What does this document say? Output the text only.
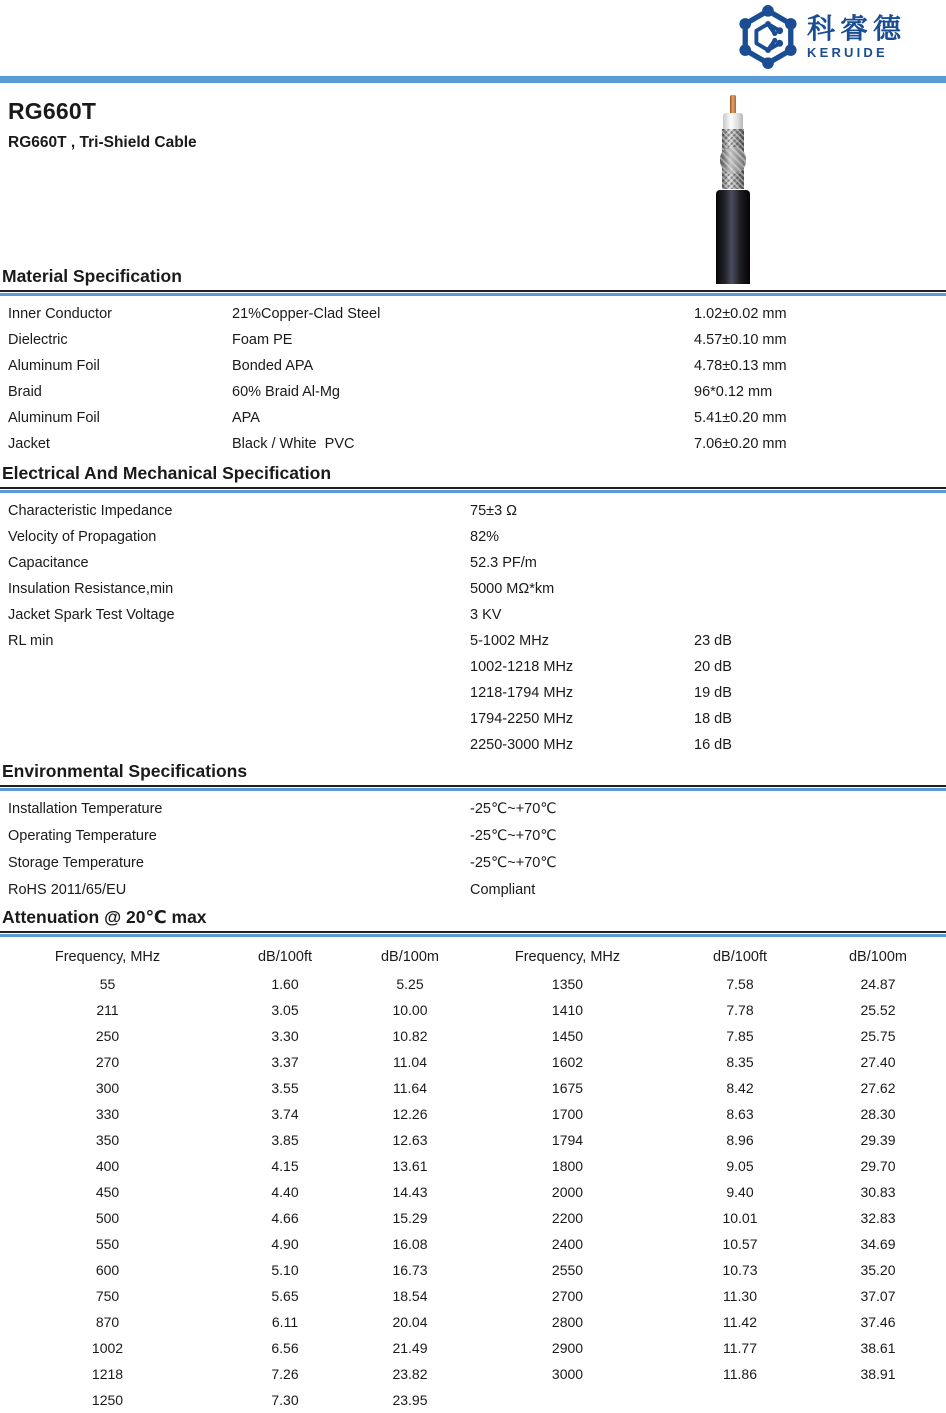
科睿德
KERUIDE
RG660T
RG660T , Tri-Shield Cable
Material Specification
Inner Conductor	21%Copper-Clad Steel	1.02±0.02 mm
Dielectric	Foam PE	4.57±0.10 mm
Aluminum Foil	Bonded APA	4.78±0.13 mm
Braid	60% Braid Al-Mg	96*0.12 mm
Aluminum Foil	APA	5.41±0.20 mm
Jacket	Black / White  PVC	7.06±0.20 mm
Electrical And Mechanical Specification
Characteristic Impedance	75±3 Ω
Velocity of Propagation	82%
Capacitance	52.3 PF/m
Insulation Resistance,min	5000 MΩ*km
Jacket Spark Test Voltage	3 KV
RL min	5-1002 MHz	23 dB
1002-1218 MHz	20 dB
1218-1794 MHz	19 dB
1794-2250 MHz	18 dB
2250-3000 MHz	16 dB
Environmental Specifications
Installation Temperature	-25℃~+70℃
Operating Temperature	-25℃~+70℃
Storage Temperature	-25℃~+70℃
RoHS 2011/65/EU	Compliant
Attenuation @ 20℃ max
Frequency, MHz	dB/100ft	dB/100m	Frequency, MHz	dB/100ft	dB/100m
55	1.60	5.25	1350	7.58	24.87
211	3.05	10.00	1410	7.78	25.52
250	3.30	10.82	1450	7.85	25.75
270	3.37	11.04	1602	8.35	27.40
300	3.55	11.64	1675	8.42	27.62
330	3.74	12.26	1700	8.63	28.30
350	3.85	12.63	1794	8.96	29.39
400	4.15	13.61	1800	9.05	29.70
450	4.40	14.43	2000	9.40	30.83
500	4.66	15.29	2200	10.01	32.83
550	4.90	16.08	2400	10.57	34.69
600	5.10	16.73	2550	10.73	35.20
750	5.65	18.54	2700	11.30	37.07
870	6.11	20.04	2800	11.42	37.46
1002	6.56	21.49	2900	11.77	38.61
1218	7.26	23.82	3000	11.86	38.91
1250	7.30	23.95			
